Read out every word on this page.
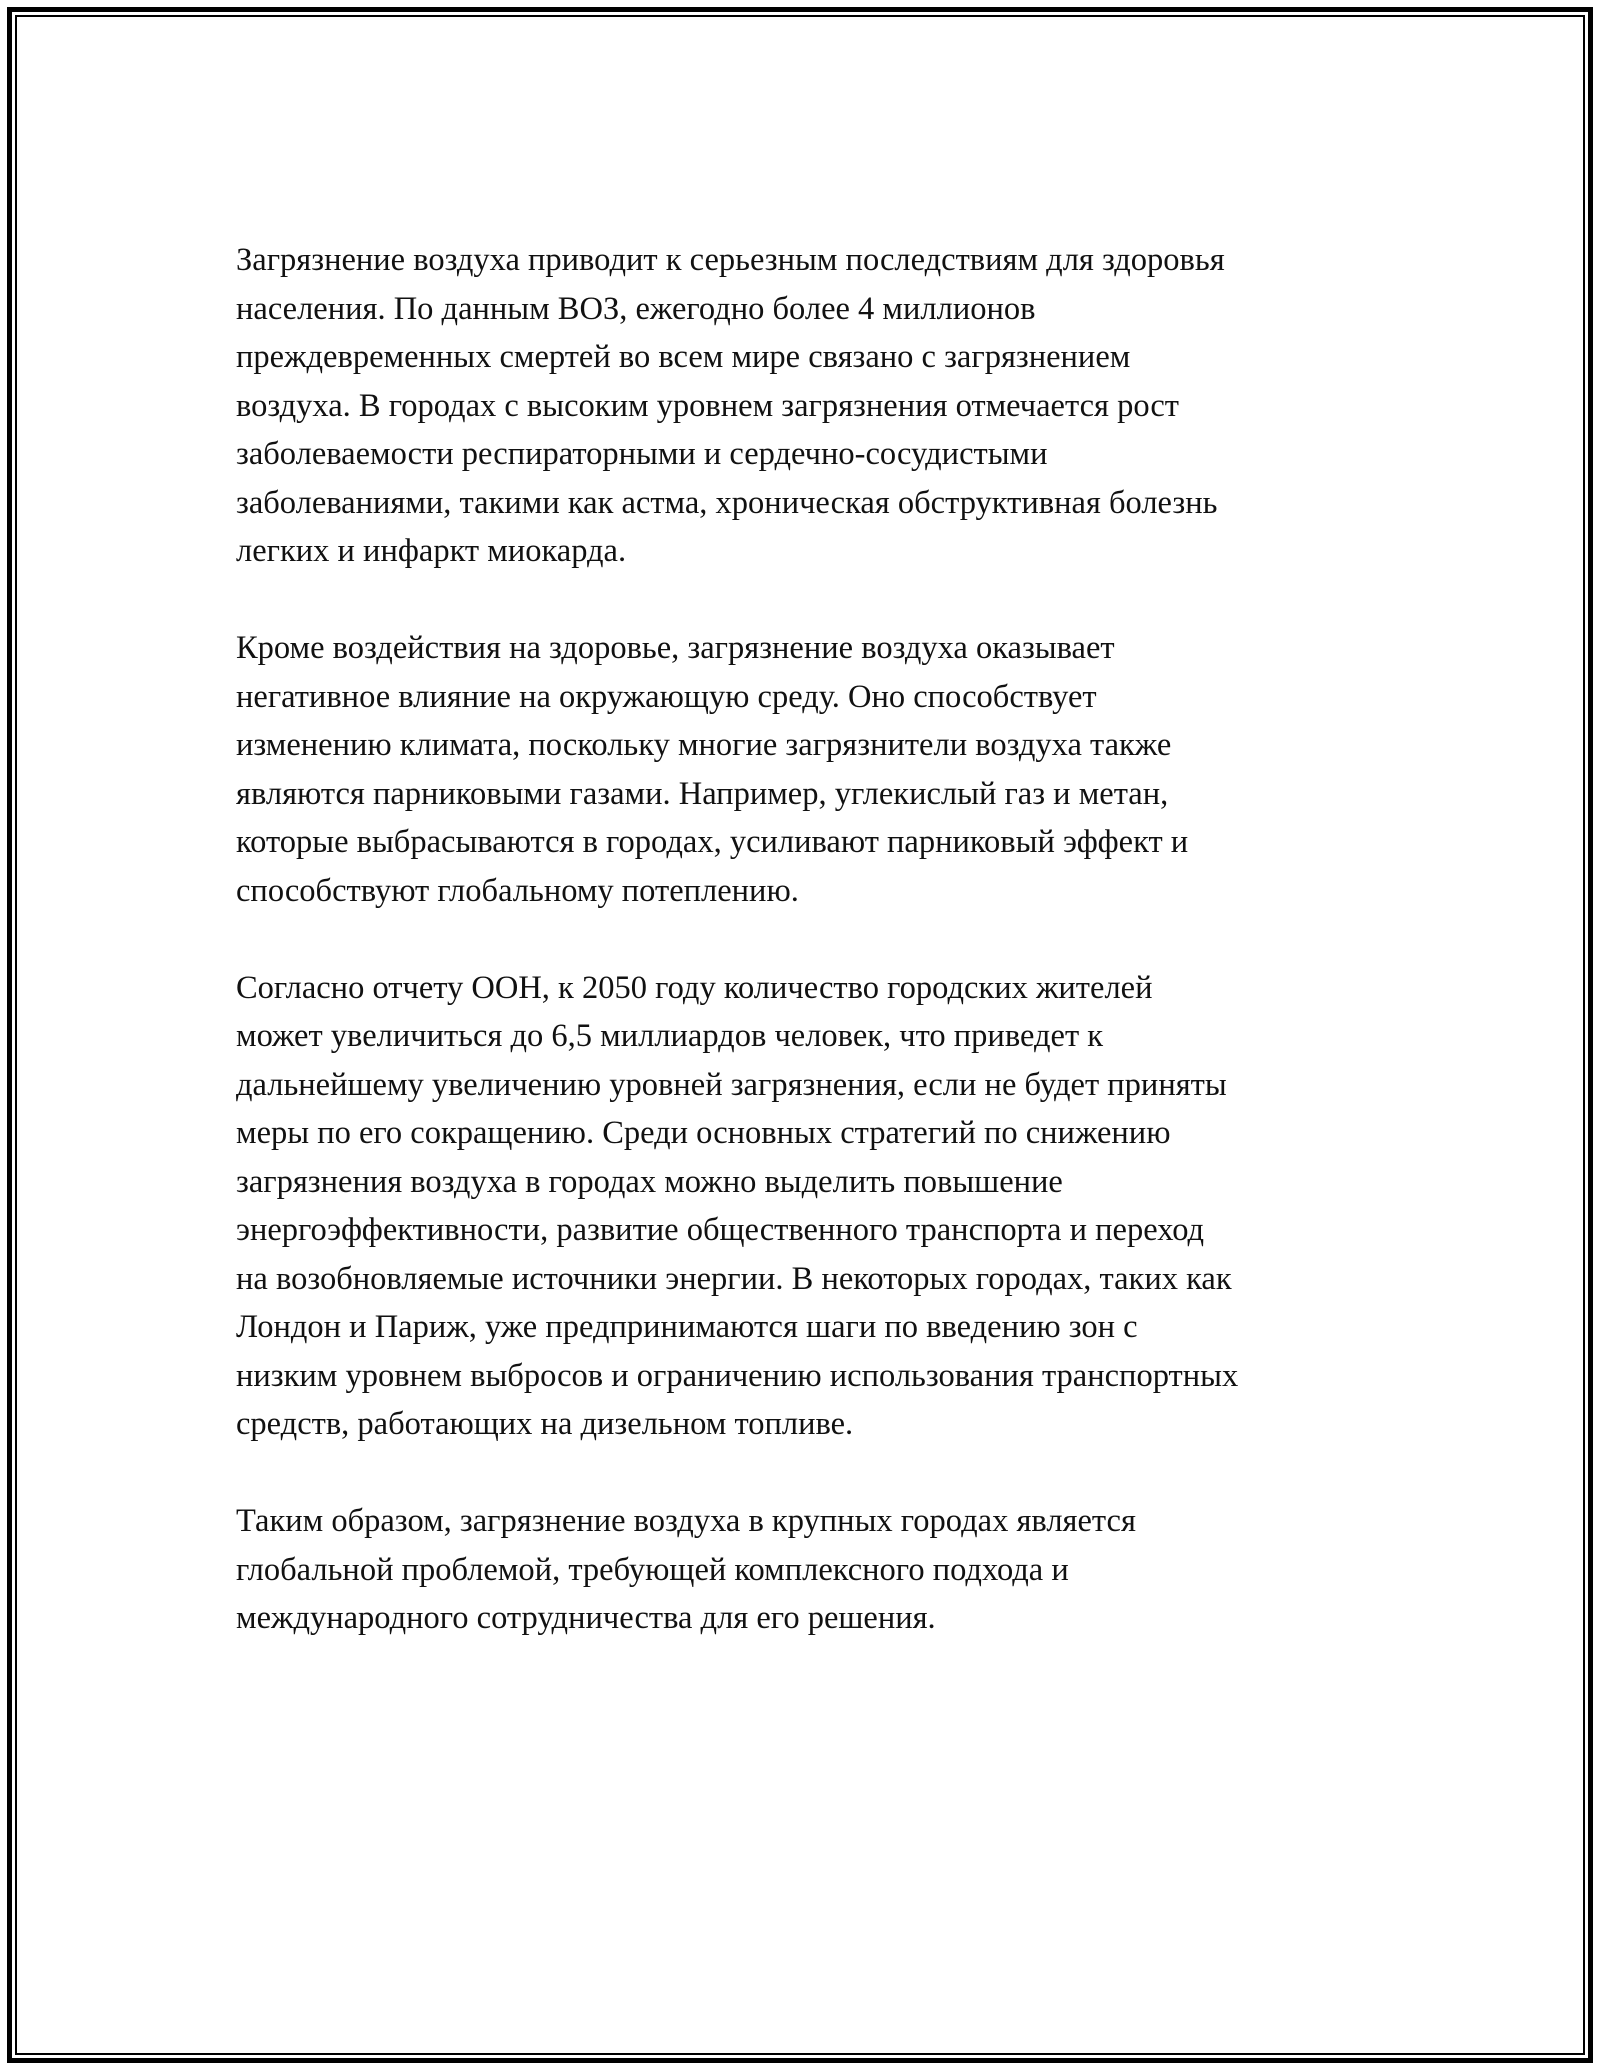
Загрязнение воздуха приводит к серьезным последствиям для здоровья
населения. По данным ВОЗ, ежегодно более 4 миллионов
преждевременных смертей во всем мире связано с загрязнением
воздуха. В городах с высоким уровнем загрязнения отмечается рост
заболеваемости респираторными и сердечно-сосудистыми
заболеваниями, такими как астма, хроническая обструктивная болезнь
легких и инфаркт миокарда.

Кроме воздействия на здоровье, загрязнение воздуха оказывает
негативное влияние на окружающую среду. Оно способствует
изменению климата, поскольку многие загрязнители воздуха также
являются парниковыми газами. Например, углекислый газ и метан,
которые выбрасываются в городах, усиливают парниковый эффект и
способствуют глобальному потеплению.

Согласно отчету ООН, к 2050 году количество городских жителей
может увеличиться до 6,5 миллиардов человек, что приведет к
дальнейшему увеличению уровней загрязнения, если не будет приняты
меры по его сокращению. Среди основных стратегий по снижению
загрязнения воздуха в городах можно выделить повышение
энергоэффективности, развитие общественного транспорта и переход
на возобновляемые источники энергии. В некоторых городах, таких как
Лондон и Париж, уже предпринимаются шаги по введению зон с
низким уровнем выбросов и ограничению использования транспортных
средств, работающих на дизельном топливе.

Таким образом, загрязнение воздуха в крупных городах является
глобальной проблемой, требующей комплексного подхода и
международного сотрудничества для его решения.
